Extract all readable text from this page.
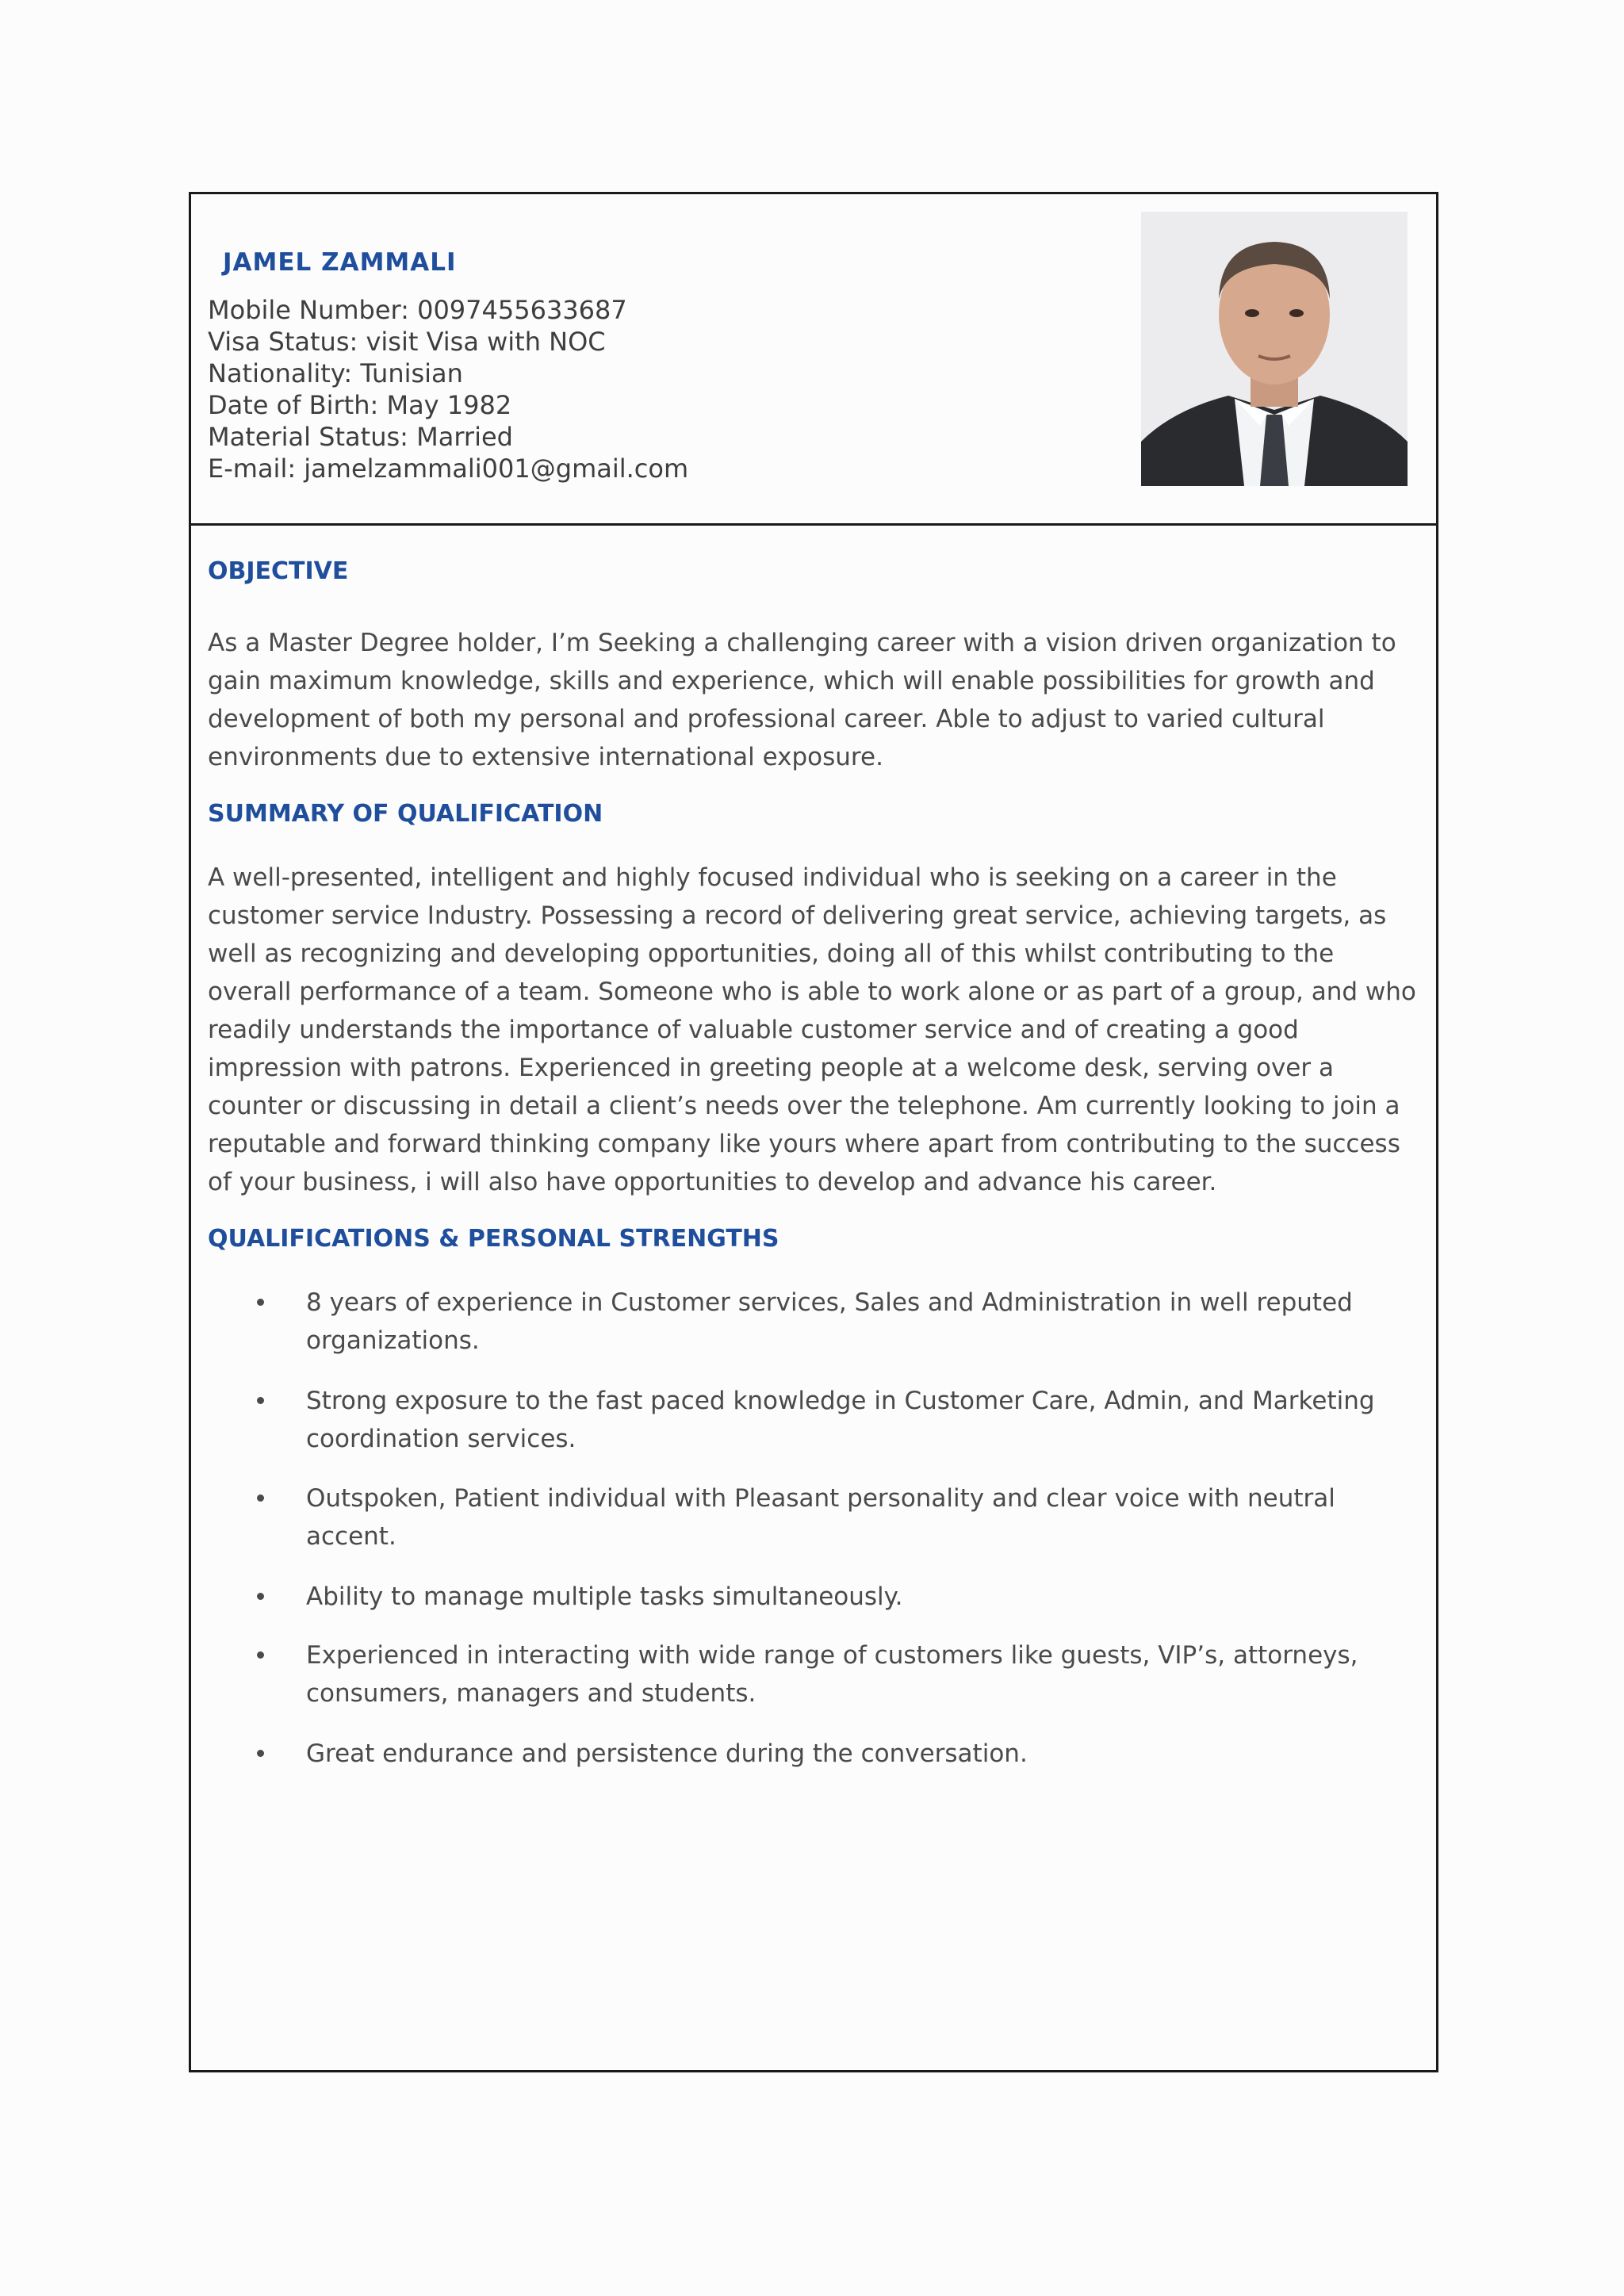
JAMEL ZAMMALI
Mobile Number: 0097455633687
Visa Status: visit Visa with NOC
Nationality: Tunisian
Date of Birth: May 1982
Material Status: Married
E-mail: jamelzammali001@gmail.com
OBJECTIVE
As a Master Degree holder, I’m Seeking a challenging career with a vision driven organization to
gain maximum knowledge, skills and experience, which will enable possibilities for growth and
development of both my personal and professional career. Able to adjust to varied cultural
environments due to extensive international exposure.
SUMMARY OF QUALIFICATION
A well-presented, intelligent and highly focused individual who is seeking on a career in the
customer service Industry. Possessing a record of delivering great service, achieving targets, as
well as recognizing and developing opportunities, doing all of this whilst contributing to the
overall performance of a team. Someone who is able to work alone or as part of a group, and who
readily understands the importance of valuable customer service and of creating a good
impression with patrons. Experienced in greeting people at a welcome desk, serving over a
counter or discussing in detail a client’s needs over the telephone. Am currently looking to join a
reputable and forward thinking company like yours where apart from contributing to the success
of your business, i will also have opportunities to develop and advance his career.
QUALIFICATIONS & PERSONAL STRENGTHS
8 years of experience in Customer services, Sales and Administration in well reputed
organizations.
Strong exposure to the fast paced knowledge in Customer Care, Admin, and Marketing
coordination services.
Outspoken, Patient individual with Pleasant personality and clear voice with neutral
accent.
Ability to manage multiple tasks simultaneously.
Experienced in interacting with wide range of customers like guests, VIP’s, attorneys,
consumers, managers and students.
Great endurance and persistence during the conversation.
